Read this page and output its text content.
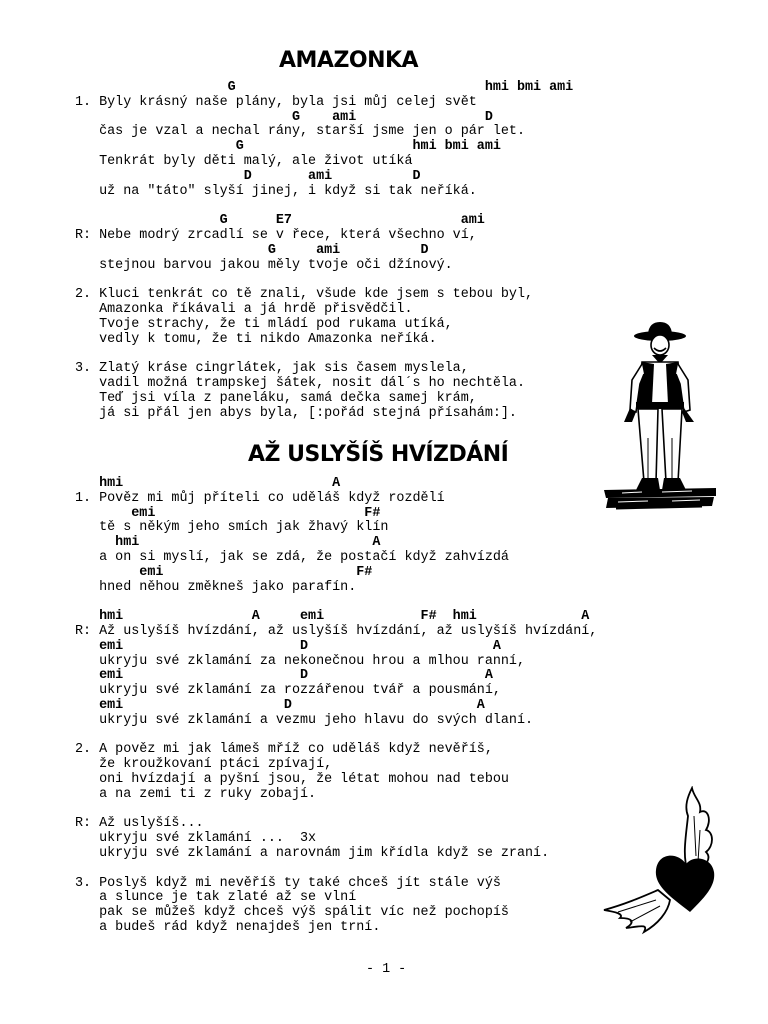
AMAZONKA
G                               hmi bmi ami
1. Byly krásný naše plány, byla jsi můj celej svět
G    ami                D
čas je vzal a nechal rány, starší jsme jen o pár let.
G                     hmi bmi ami
Tenkrát byly děti malý, ale život utíká
D       ami          D
už na "táto" slyší jinej, i když si tak neříká.
G      E7                     ami
R: Nebe modrý zrcadlí se v řece, která všechno ví,
G     ami          D
stejnou barvou jakou měly tvoje oči džínový.
2. Kluci tenkrát co tě znali, všude kde jsem s tebou byl,
Amazonka říkávali a já hrdě přisvědčil.
Tvoje strachy, že ti mládí pod rukama utíká,
vedly k tomu, že ti nikdo Amazonka neříká.
3. Zlatý kráse cingrlátek, jak sis časem myslela,
vadil možná trampskej šátek, nosit dál´s ho nechtěla.
Teď jsi víla z paneláku, samá dečka samej krám,
já si přál jen abys byla, [:pořád stejná přísahám:].
AŽ USLYŠÍŠ HVÍZDÁNÍ
hmi                          A
1. Pověz mi můj příteli co uděláš když rozdělí
emi                          F#
tě s někým jeho smích jak žhavý klín
hmi                             A
a on si myslí, jak se zdá, že postačí když zahvízdá
emi                        F#
hned něhou změkneš jako parafín.
hmi                A     emi            F#  hmi             A
R: Až uslyšíš hvízdání, až uslyšíš hvízdání, až uslyšíš hvízdání,
emi                      D                       A
ukryju své zklamání za nekonečnou hrou a mlhou ranní,
emi                      D                      A
ukryju své zklamání za rozzářenou tvář a pousmání,
emi                    D                       A
ukryju své zklamání a vezmu jeho hlavu do svých dlaní.
2. A pověz mi jak lámeš mříž co uděláš když nevěříš,
že kroužkovaní ptáci zpívají,
oni hvízdají a pyšní jsou, že létat mohou nad tebou
a na zemi ti z ruky zobají.
R: Až uslyšíš...
ukryju své zklamání ...  3x
ukryju své zklamání a narovnám jim křídla když se zraní.
3. Poslyš když mi nevěříš ty také chceš jít stále výš
a slunce je tak zlaté až se vlní
pak se můžeš když chceš výš spálit víc než pochopíš
a budeš rád když nenajdeš jen trní.
- 1 -
